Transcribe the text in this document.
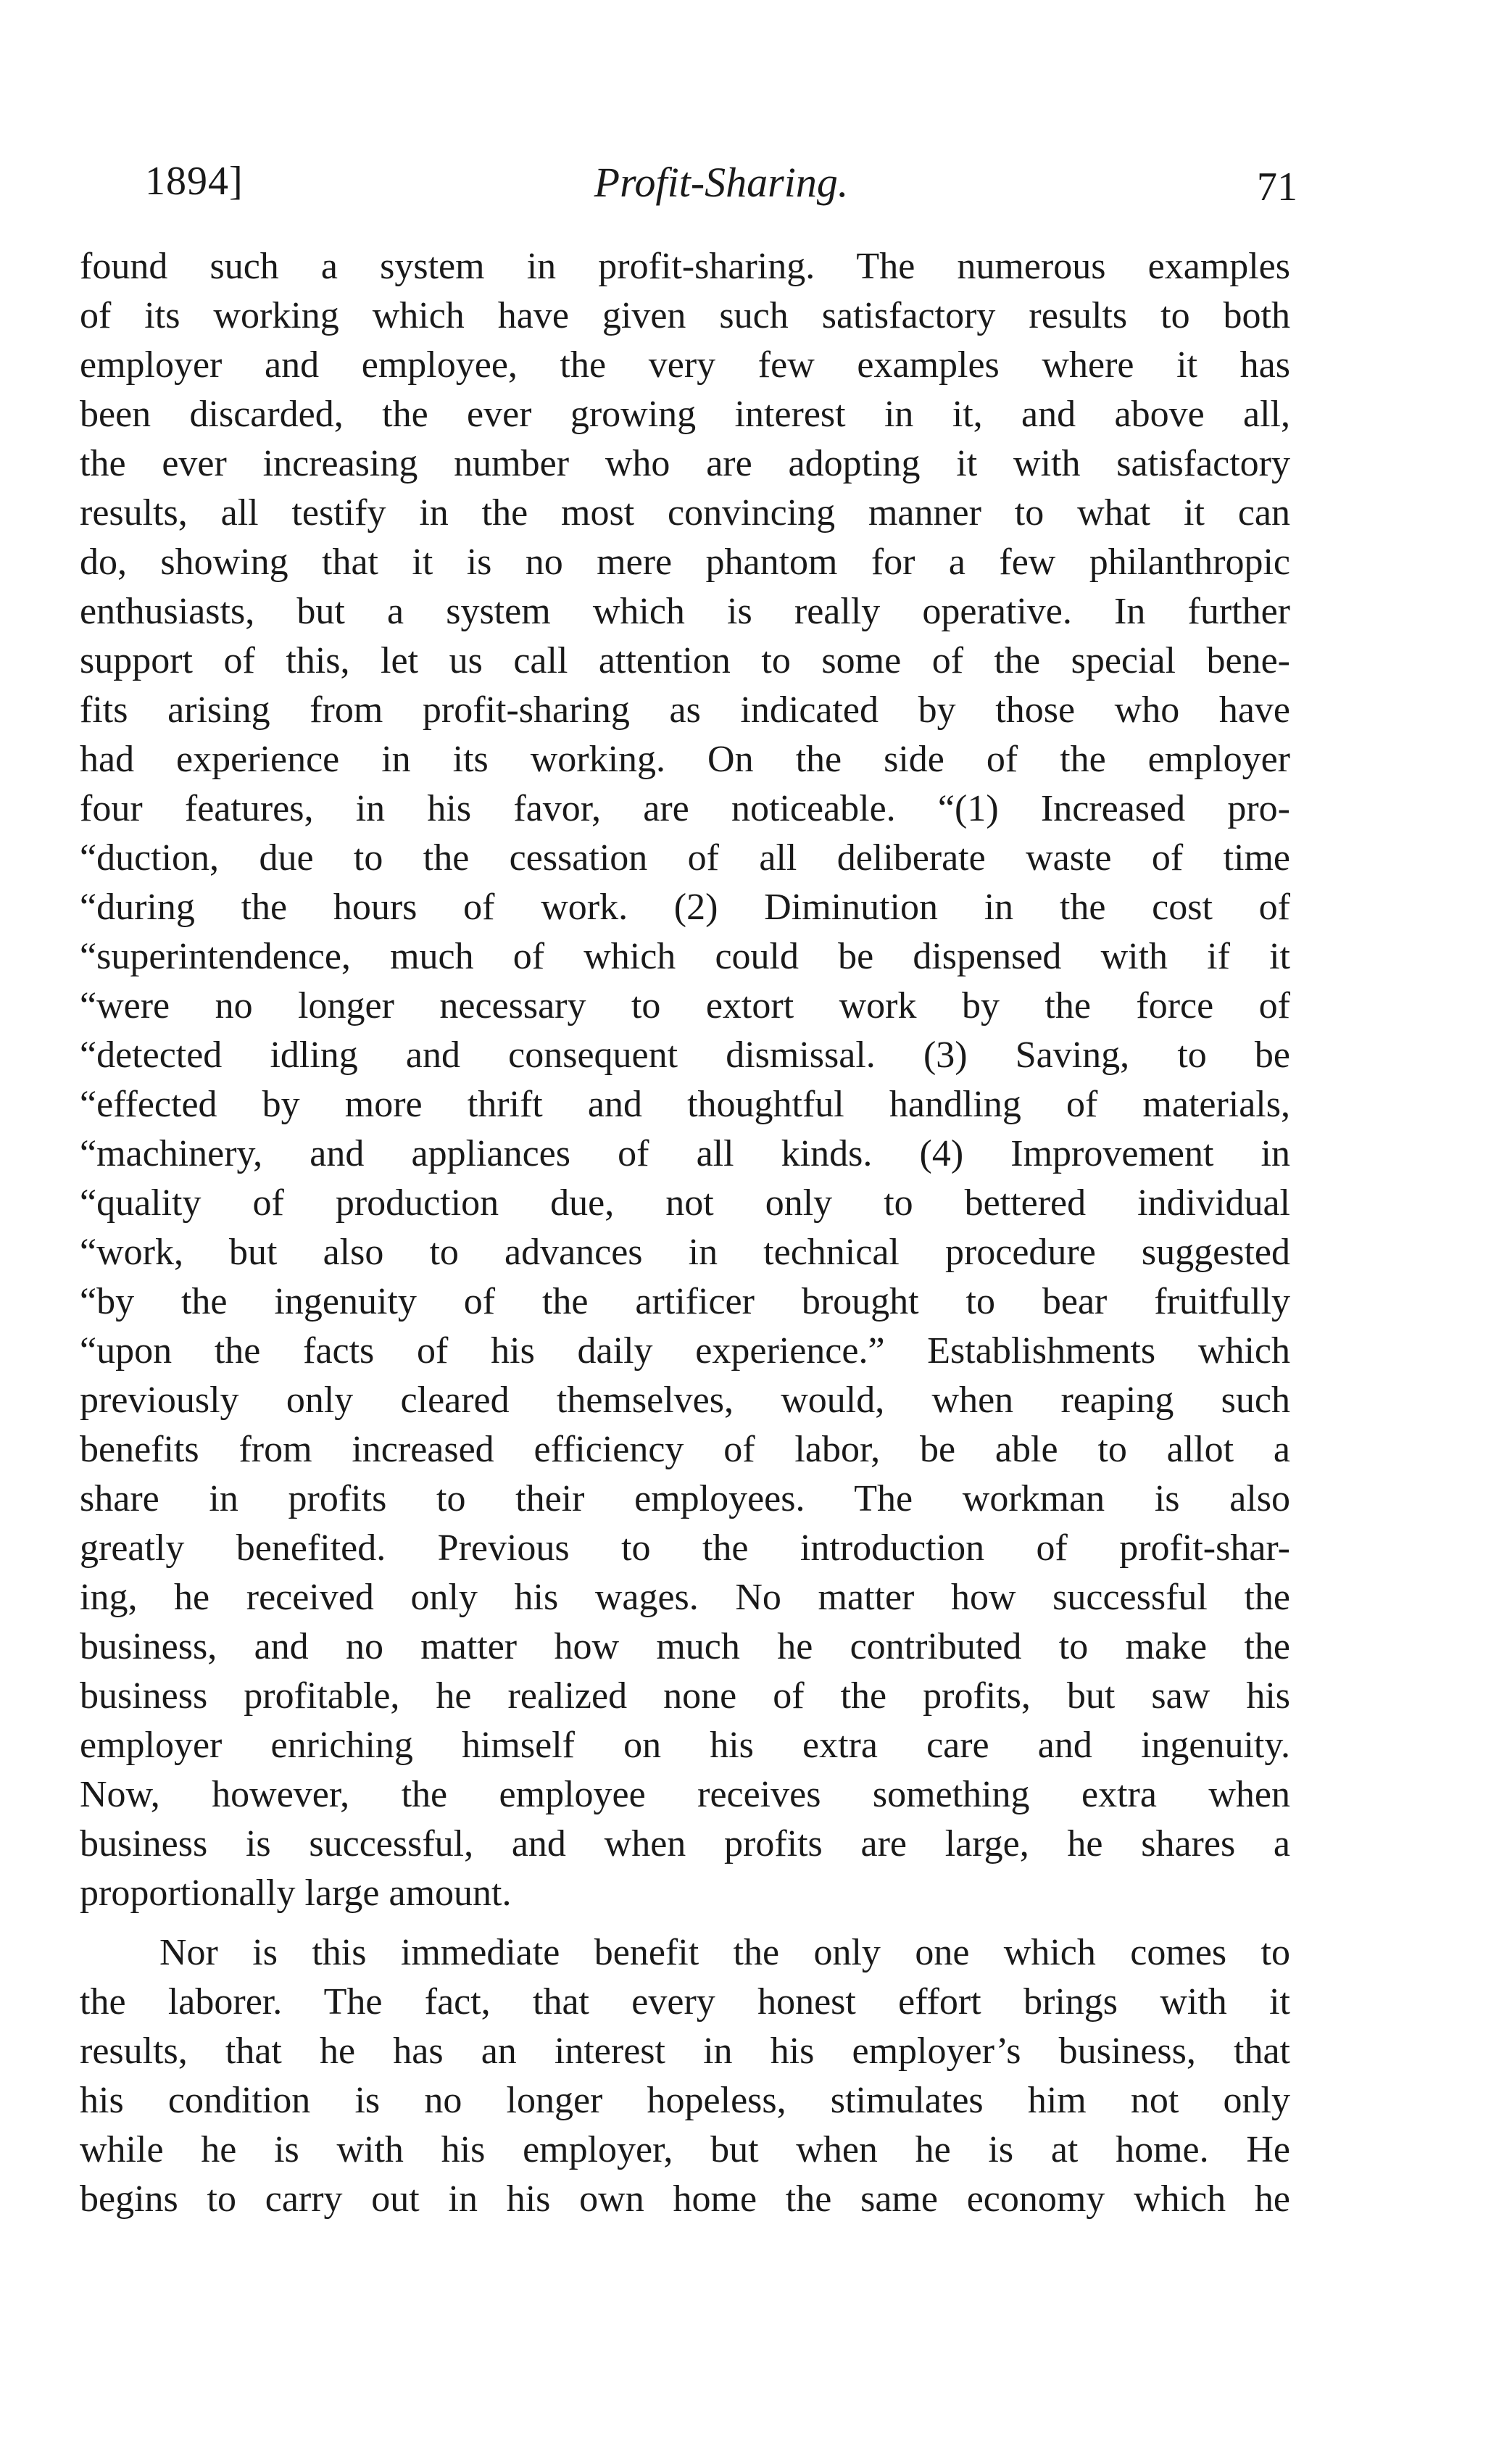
1894]	Profit-Sharing.	71
found such a system in profit-sharing. The numerous examples
of its working which have given such satisfactory results to both
employer and employee, the very few examples where it has
been discarded, the ever growing interest in it, and above all,
the ever increasing number who are adopting it with satisfactory
results, all testify in the most convincing manner to what it can
do, showing that it is no mere phantom for a few philanthropic
enthusiasts, but a system which is really operative. In further
support of this, let us call attention to some of the special bene-
fits arising from profit-sharing as indicated by those who have
had experience in its working. On the side of the employer
four features, in his favor, are noticeable. “(1) Increased pro-
“duction, due to the cessation of all deliberate waste of time
“during the hours of work. (2) Diminution in the cost of
“superintendence, much of which could be dispensed with if it
“were no longer necessary to extort work by the force of
“detected idling and consequent dismissal. (3) Saving, to be
“effected by more thrift and thoughtful handling of materials,
“machinery, and appliances of all kinds. (4) Improvement in
“quality of production due, not only to bettered individual
“work, but also to advances in technical procedure suggested
“by the ingenuity of the artificer brought to bear fruitfully
“upon the facts of his daily experience.” Establishments which
previously only cleared themselves, would, when reaping such
benefits from increased efficiency of labor, be able to allot a
share in profits to their employees. The workman is also
greatly benefited. Previous to the introduction of profit-shar-
ing, he received only his wages. No matter how successful the
business, and no matter how much he contributed to make the
business profitable, he realized none of the profits, but saw his
employer enriching himself on his extra care and ingenuity.
Now, however, the employee receives something extra when
business is successful, and when profits are large, he shares a
proportionally large amount.
Nor is this immediate benefit the only one which comes to
the laborer. The fact, that every honest effort brings with it
results, that he has an interest in his employer’s business, that
his condition is no longer hopeless, stimulates him not only
while he is with his employer, but when he is at home. He
begins to carry out in his own home the same economy which he
